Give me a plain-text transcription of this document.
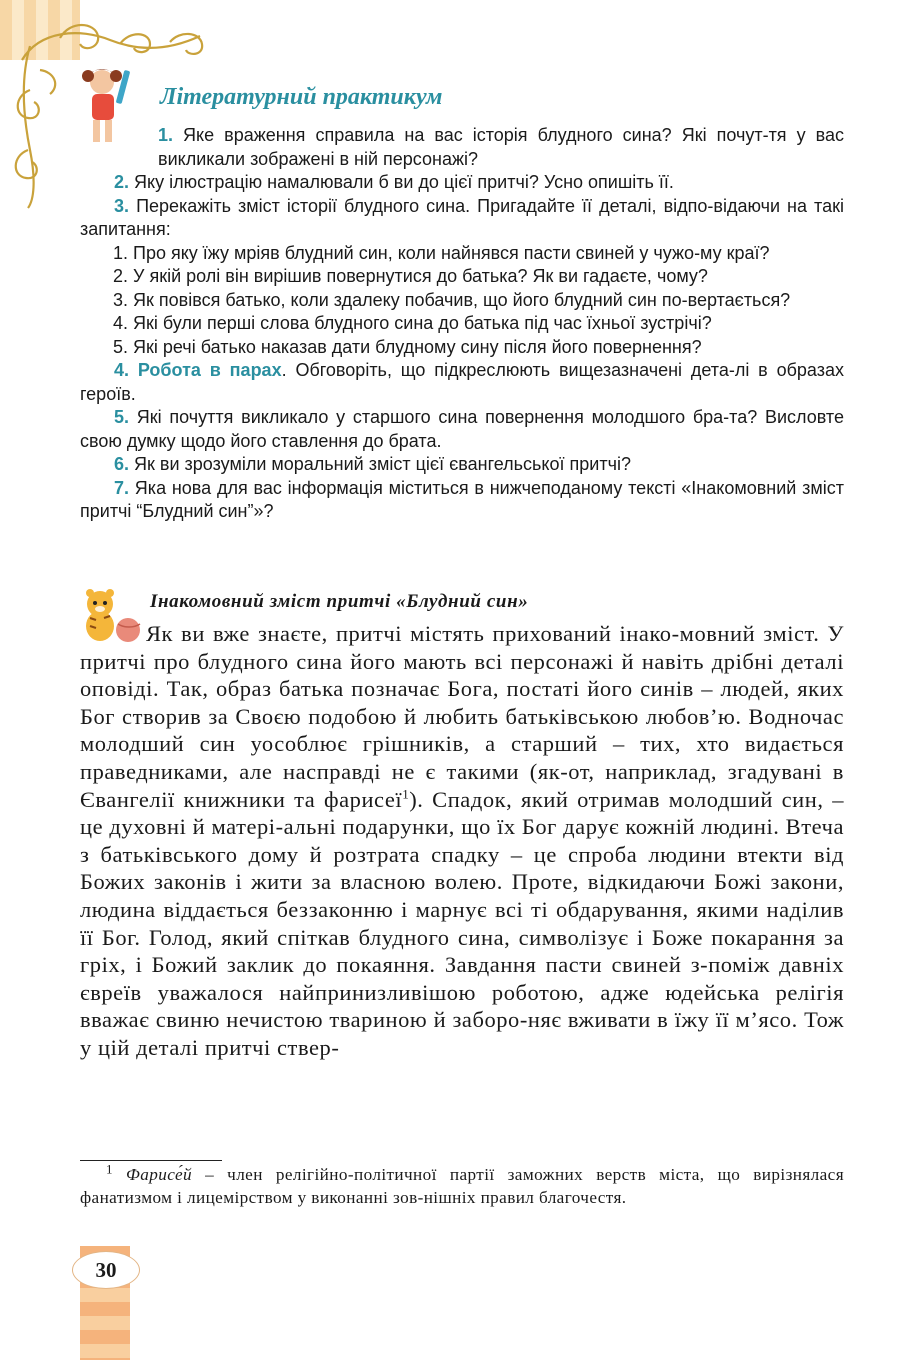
Літературний практикум

1. Яке враження справила на вас історія блудного сина? Які почут-тя у вас викликали зображені в ній персонажі?

2. Яку ілюстрацію намалювали б ви до цієї притчі? Усно опишіть її.

3. Перекажіть зміст історії блудного сина. Пригадайте її деталі, відпо-відаючи на такі запитання:

1. Про яку їжу мріяв блудний син, коли найнявся пасти свиней у чужо-му краї?

2. У якій ролі він вирішив повернутися до батька? Як ви гадаєте, чому?

3. Як повівся батько, коли здалеку побачив, що його блудний син по-вертається?

4. Які були перші слова блудного сина до батька під час їхньої зустрічі?

5. Які речі батько наказав дати блудному сину після його повернення?

4. Робота в парах. Обговоріть, що підкреслюють вищезазначені дета-лі в образах героїв.

5. Які почуття викликало у старшого сина повернення молодшого бра-та? Висловте свою думку щодо його ставлення до брата.

6. Як ви зрозуміли моральний зміст цієї євангельської притчі?

7. Яка нова для вас інформація міститься в нижчеподаному тексті «Інакомовний зміст притчі “Блудний син”»?

Інакомовний зміст притчі «Блудний син»

Як ви вже знаєте, притчі містять прихований інако-мовний зміст. У притчі про блудного сина його мають всі персонажі й навіть дрібні деталі оповіді. Так, образ батька позначає Бога, постаті його синів – людей, яких Бог створив за Своєю подобою й любить батьківською любов’ю. Водночас молодший син уособлює грішників, а старший – тих, хто видається праведниками, але насправді не є такими (як-от, наприклад, згадувані в Євангелії книжники та фарисеї$^1$). Спадок, який отримав молодший син, – це духовні й матері-альні подарунки, що їх Бог дарує кожній людині. Втеча з батьківського дому й розтрата спадку – це спроба людини втекти від Божих законів і жити за власною волею. Проте, відкидаючи Божі закони, людина віддається беззаконню і марнує всі ті обдарування, якими наділив її Бог. Голод, який спіткав блудного сина, символізує і Боже покарання за гріх, і Божий заклик до покаяння. Завдання пасти свиней з-поміж давніх євреїв уважалося найпринизливішою роботою, адже юдейська релігія вважає свиню нечистою твариною й заборо-няє вживати в їжу її м’ясо. Тож у цій деталі притчі ствер-

$^1$ Фарисе́й – член релігійно-політичної партії заможних верств міста, що вирізнялася фанатизмом і лицемірством у виконанні зов-нішніх правил благочестя.

30
